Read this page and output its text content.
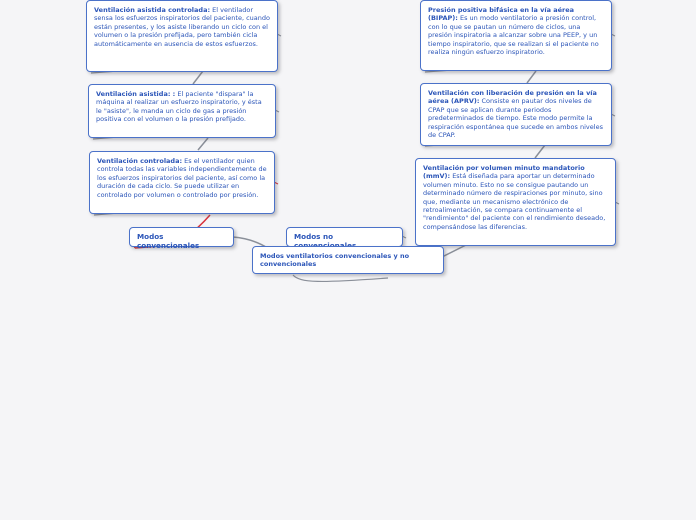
Ventilación asistida controlada: El ventilador sensa los esfuerzos inspiratorios del paciente, cuando están presentes, y los asiste liberando un ciclo con el volumen o la presión prefijada, pero también cicla automáticamente en ausencia de estos esfuerzos.
Ventilación asistida: : El paciente "dispara" la máquina al realizar un esfuerzo inspiratorio, y ésta le "asiste", le manda un ciclo de gas a presión positiva con el volumen o la presión prefijado.
Ventilación controlada: Es el ventilador quien controla todas las variables independientemente de los esfuerzos inspiratorios del paciente, así como la duración de cada ciclo. Se puede utilizar en controlado por volumen o controlado por presión.
Presión positiva bifásica en la vía aérea (BIPAP): Es un modo ventilatorio a presión control, con lo que se pautan un número de ciclos, una presión inspiratoria a alcanzar sobre una PEEP, y un tiempo inspiratorio, que se realizan si el paciente no realiza ningún esfuerzo inspiratorio.
Ventilación con liberación de presión en la vía aérea (APRV): Consiste en pautar dos niveles de CPAP que se aplican durante periodos predeterminados de tiempo. Este modo permite la respiración espontánea que sucede en ambos niveles de CPAP.
Ventilación por volumen minuto mandatorio (mmV): Está diseñada para aportar un determinado volumen minuto. Esto no se consigue pautando un determinado número de respiraciones por minuto, sino que, mediante un mecanismo electrónico de retroalimentación, se compara continuamente el "rendimiento" del paciente con el rendimiento deseado, compensándose las diferencias.
Modos convencionales
Modos no
Modos ventilatorios convencionales y no convencionales
